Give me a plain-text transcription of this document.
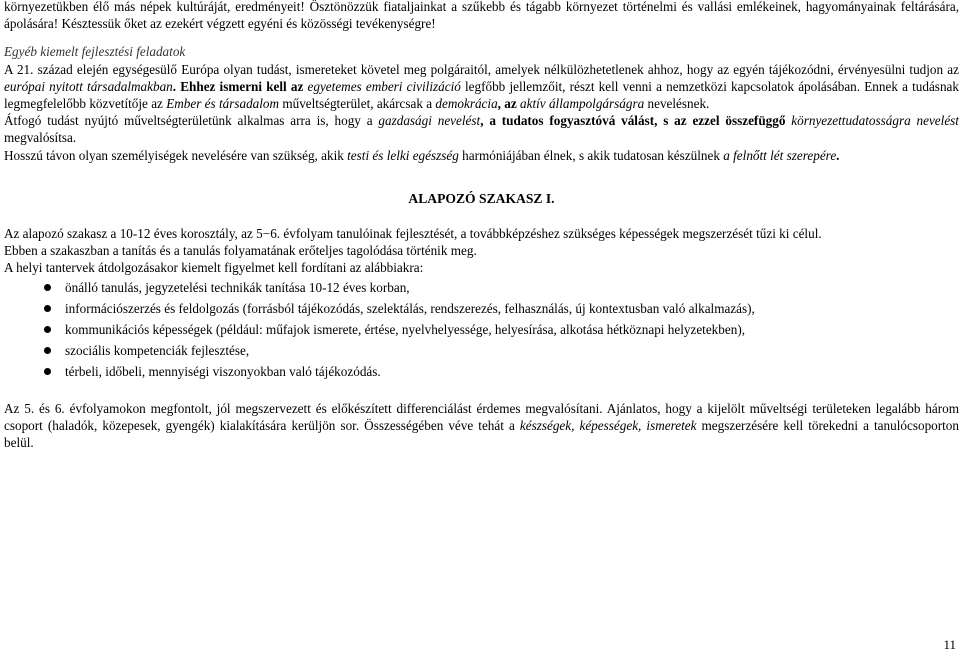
környezetükben élő más népek kultúráját, eredményeit! Ösztönözzük fiataljainkat a szűkebb és tágabb környezet történelmi és vallási emlékeinek, hagyományainak feltárására, ápolására! Késztessük őket az ezekért végzett egyéni és közösségi tevékenységre!

Egyéb kiemelt fejlesztési feladatok

A 21. század elején egységesülő Európa olyan tudást, ismereteket követel meg polgáraitól, amelyek nélkülözhetetlenek ahhoz, hogy az egyén tájékozódni, érvényesülni tudjon az európai nyitott társadalmakban. Ehhez ismerni kell az egyetemes emberi civilizáció legfőbb jellemzőit, részt kell venni a nemzetközi kapcsolatok ápolásában. Ennek a tudásnak legmegfelelőbb közvetítője az Ember és társadalom műveltségterület, akárcsak a demokrácia, az aktív állampolgárságra nevelésnek.

Átfogó tudást nyújtó műveltségterületünk alkalmas arra is, hogy a gazdasági nevelést, a tudatos fogyasztóvá válást, s az ezzel összefüggő környezettudatosságra nevelést megvalósítsa.

Hosszú távon olyan személyiségek nevelésére van szükség, akik testi és lelki egészség harmóniájában élnek, s akik tudatosan készülnek a felnőtt lét szerepére.

ALAPOZÓ SZAKASZ I.

Az alapozó szakasz a 10-12 éves korosztály, az 5−6. évfolyam tanulóinak fejlesztését, a továbbképzéshez szükséges képességek megszerzését tűzi ki célul.

Ebben a szakaszban a tanítás és a tanulás folyamatának erőteljes tagolódása történik meg.

A helyi tantervek átdolgozásakor kiemelt figyelmet kell fordítani az alábbiakra:

önálló tanulás, jegyzetelési technikák tanítása 10-12 éves korban,
információszerzés és feldolgozás (forrásból tájékozódás, szelektálás, rendszerezés, felhasználás, új kontextusban való alkalmazás),
kommunikációs képességek (például: műfajok ismerete, értése, nyelvhelyessége, helyesírása, alkotása hétköznapi helyzetekben),
szociális kompetenciák fejlesztése,
térbeli, időbeli, mennyiségi viszonyokban való tájékozódás.

Az 5. és 6. évfolyamokon megfontolt, jól megszervezett és előkészített differenciálást érdemes megvalósítani. Ajánlatos, hogy a kijelölt műveltségi területeken legalább három csoport (haladók, közepesek, gyengék) kialakítására kerüljön sor. Összességében véve tehát a készségek, képességek, ismeretek megszerzésére kell törekedni a tanulócsoporton belül.

11
